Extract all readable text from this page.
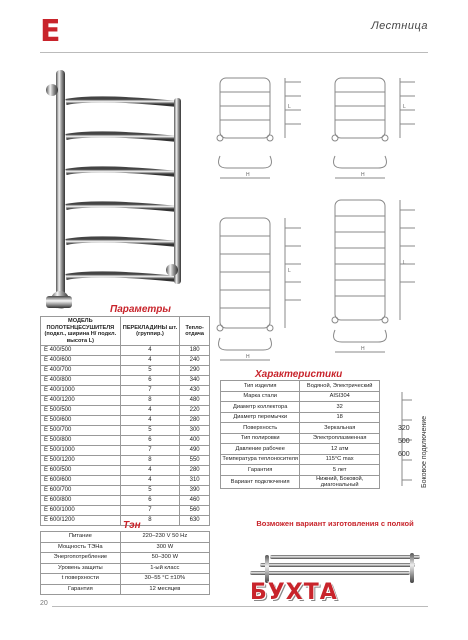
E	Лестница
H	H
H
H
L	L
L
L
Параметры
МОДЕЛЬ ПОЛОТЕНЦЕСУШИТЕЛЯ (подкл., ширина Н/ подкл. высота L)	ПЕРЕКЛАДИНЫ шт. (группир.)	Тепло-отдача
Е 400/500	4	180
Е 400/600	4	240
Е 400/700	5	290
Е 400/800	6	340
Е 400/1000	7	430
Е 400/1200	8	480
Е 500/500	4	220
Е 500/600	4	280
Е 500/700	5	300
Е 500/800	6	400
Е 500/1000	7	490
Е 500/1200	8	550
Е 600/500	4	280
Е 600/600	4	310
Е 600/700	5	390
Е 600/800	6	460
Е 600/1000	7	560
Е 600/1200	8	630
Характеристики
Тип изделия	Водяной, Электрический
Марка стали	AISI304
Диаметр коллектора	32
Диаметр перемычки	18
Поверхность	Зеркальная
Тип полировки	Электроплазменная
Давление рабочее	12 атм
Температура теплоносителя	115°С max
Гарантия	5 лет
Вариант подключения	Нижний, Боковой, диагональный
320
500
600	Боковое подключение
Тэн
Питание	220–230 V 50 Hz
Мощность ТЭНа	300 W
Энергопотребление	50–300 W
Уровень защиты	1-ый класс
t поверхности	30–55 °С ±10%
Гарантия	12 месяцев
Возможен вариант изготовления с полкой
20	БУХТА
